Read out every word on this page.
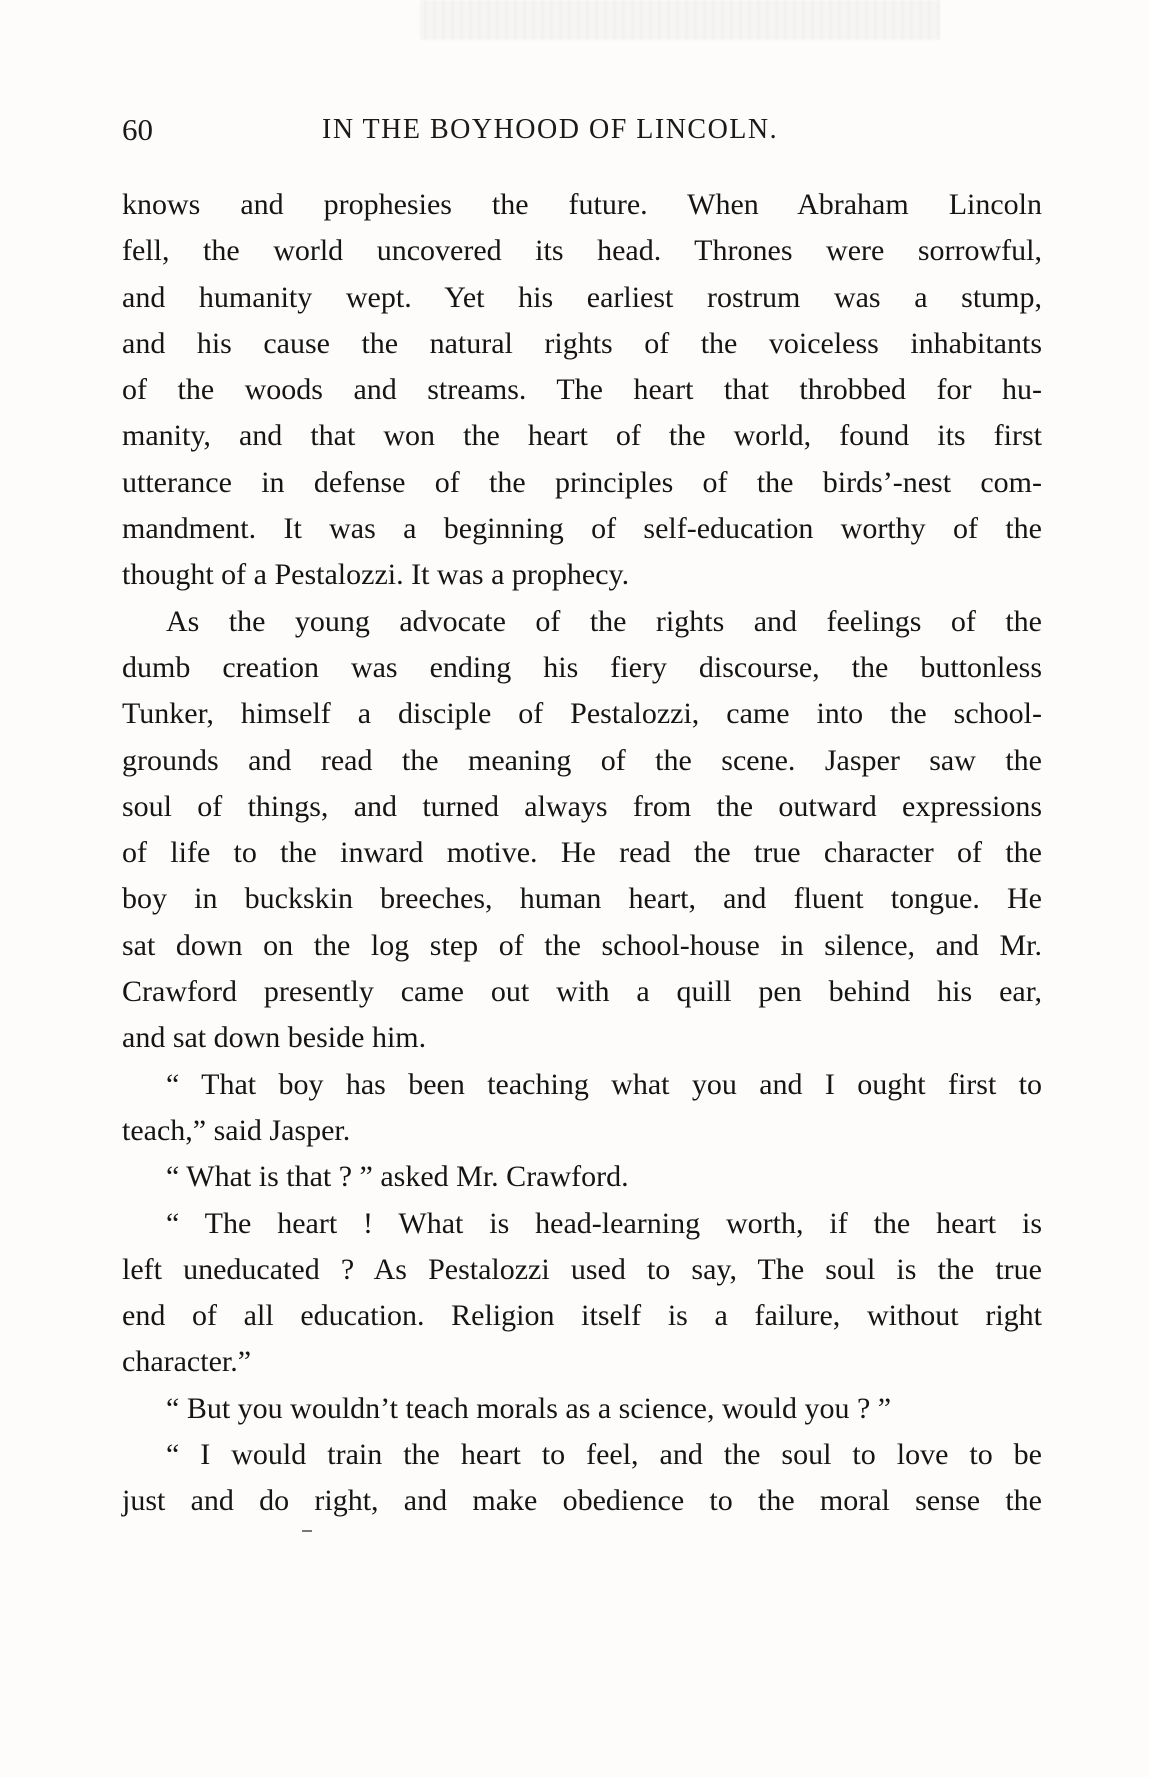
60	IN THE BOYHOOD OF LINCOLN.
knows and prophesies the future. When Abraham Lincoln
fell, the world uncovered its head. Thrones were sorrowful,
and humanity wept. Yet his earliest rostrum was a stump,
and his cause the natural rights of the voiceless inhabitants
of the woods and streams. The heart that throbbed for hu-
manity, and that won the heart of the world, found its first
utterance in defense of the principles of the birds’-nest com-
mandment. It was a beginning of self-education worthy of the
thought of a Pestalozzi. It was a prophecy.
As the young advocate of the rights and feelings of the
dumb creation was ending his fiery discourse, the buttonless
Tunker, himself a disciple of Pestalozzi, came into the school-
grounds and read the meaning of the scene. Jasper saw the
soul of things, and turned always from the outward expressions
of life to the inward motive. He read the true character of the
boy in buckskin breeches, human heart, and fluent tongue. He
sat down on the log step of the school-house in silence, and Mr.
Crawford presently came out with a quill pen behind his ear,
and sat down beside him.
“ That boy has been teaching what you and I ought first to
teach,” said Jasper.
“ What is that ? ” asked Mr. Crawford.
“ The heart ! What is head-learning worth, if the heart is
left uneducated ? As Pestalozzi used to say, The soul is the true
end of all education. Religion itself is a failure, without right
character.”
“ But you wouldn’t teach morals as a science, would you ? ”
“ I would train the heart to feel, and the soul to love to be
just and do right, and make obedience to the moral sense the
